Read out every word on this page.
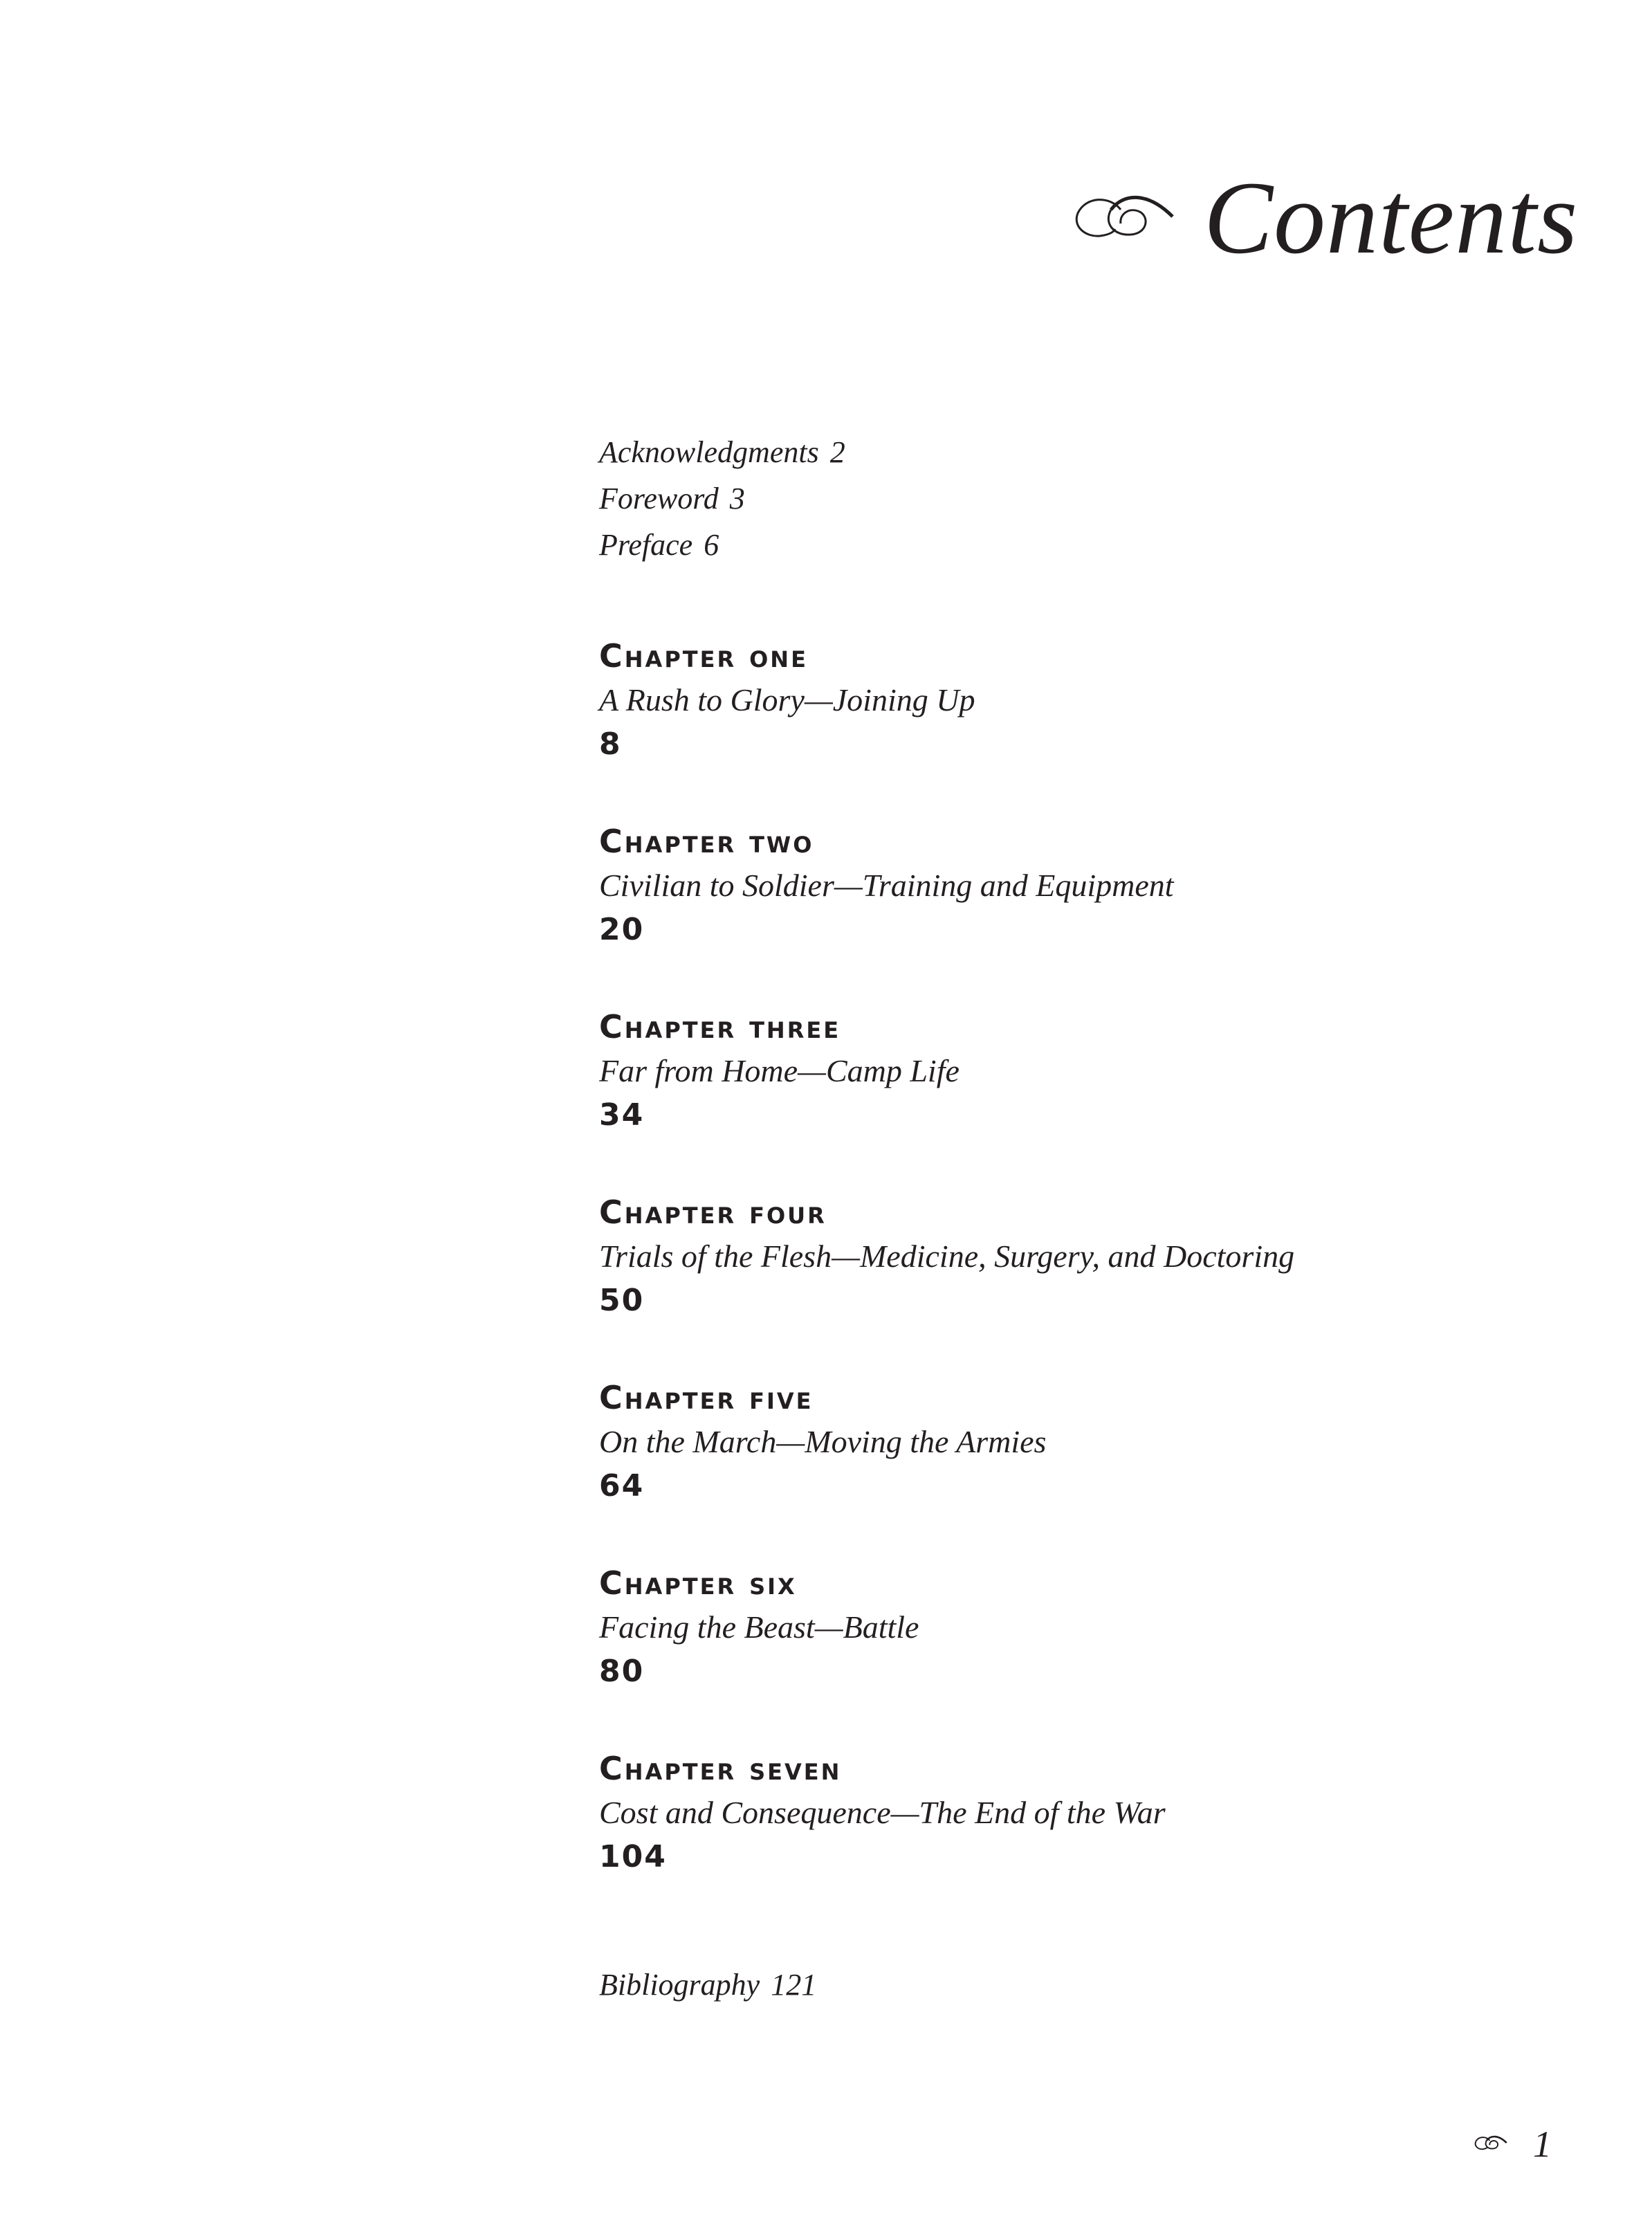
Contents
Acknowledgments 2
Foreword 3
Preface 6
Chapter one
A Rush to Glory—Joining Up
8
Chapter two
Civilian to Soldier—Training and Equipment
20
Chapter three
Far from Home—Camp Life
34
Chapter four
Trials of the Flesh—Medicine, Surgery, and Doctoring
50
Chapter five
On the March—Moving the Armies
64
Chapter six
Facing the Beast—Battle
80
Chapter seven
Cost and Consequence—The End of the War
104
Bibliography 121
1
